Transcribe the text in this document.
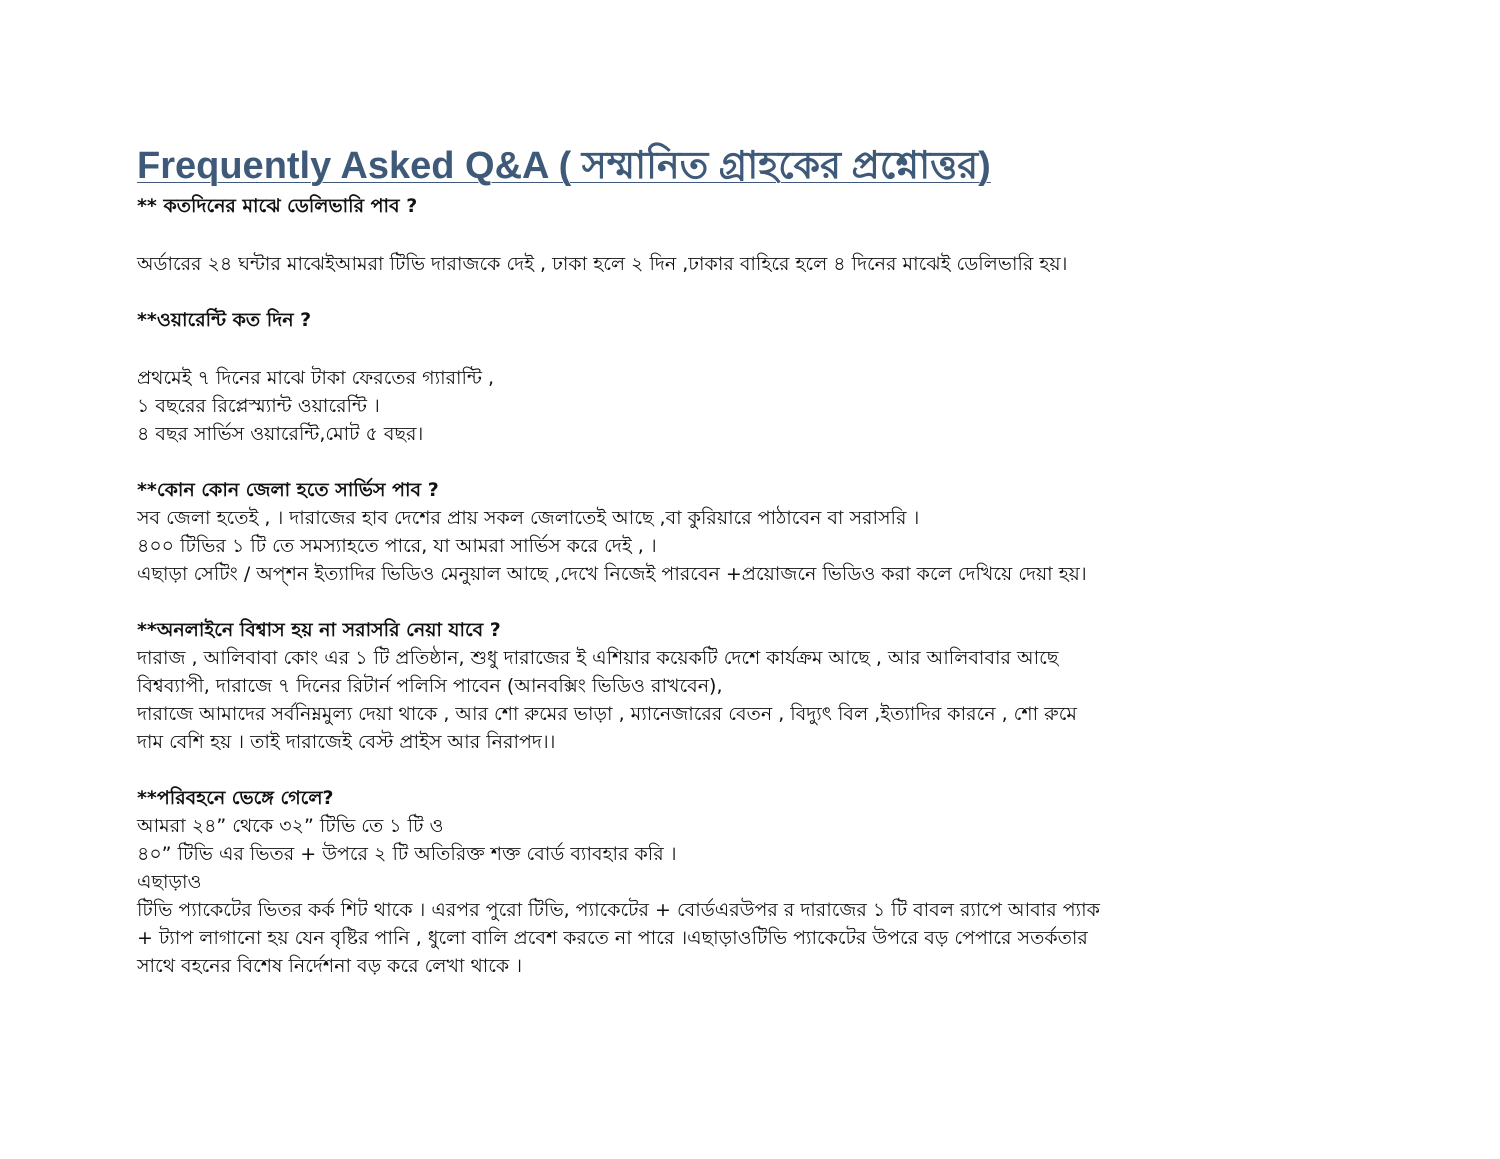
Frequently Asked Q&A ( সম্মানিত গ্রাহকের প্রশ্নোত্তর)

** কতদিনের মাঝে ডেলিভারি পাব ?

অর্ডারের ২৪ ঘন্টার মাঝেইআমরা টিভি দারাজকে দেই , ঢাকা হলে ২ দিন ,ঢাকার বাহিরে হলে ৪ দিনের মাঝেই ডেলিভারি হয়।

**ওয়ারেন্টি কত দিন ?

প্রথমেই ৭ দিনের মাঝে টাকা ফেরতের গ্যারান্টি ,

১ বছরের রিপ্লেস্ম্যান্ট ওয়ারেন্টি ।

৪ বছর সার্ভিস ওয়ারেন্টি,মোট ৫ বছর।

**কোন কোন জেলা হতে সার্ভিস পাব ?

সব জেলা হতেই , । দারাজের হাব দেশের প্রায় সকল জেলাতেই আছে ,বা কুরিয়ারে পাঠাবেন বা সরাসরি ।

৪০০ টিভির ১ টি তে সমস্যাহতে পারে, যা আমরা সার্ভিস করে দেই , ।

এছাড়া সেটিং / অপ্শন ইত্যাদির ভিডিও মেনুয়াল আছে ,দেখে নিজেই পারবেন +প্রয়োজনে ভিডিও করা কলে দেখিয়ে দেয়া হয়।

**অনলাইনে বিশ্বাস হয় না সরাসরি নেয়া যাবে ?

দারাজ , আলিবাবা কোং এর ১ টি প্রতিষ্ঠান, শুধু দারাজের ই এশিয়ার কয়েকটি দেশে কার্যক্রম আছে , আর আলিবাবার আছে

বিশ্বব্যাপী, দারাজে ৭ দিনের রিটার্ন পলিসি পাবেন (আনবক্সিং ভিডিও রাখবেন),

দারাজে আমাদের সর্বনিম্নমুল্য দেয়া থাকে , আর শো রুমের ভাড়া , ম্যানেজারের বেতন , বিদ্যুৎ বিল ,ইত্যাদির কারনে , শো রুমে

দাম বেশি হয় । তাই দারাজেই বেস্ট প্রাইস আর নিরাপদ।।

**পরিবহনে ভেঙ্গে গেলে?

আমরা ২৪” থেকে ৩২” টিভি তে ১ টি ও

৪০” টিভি এর ভিতর + উপরে ২ টি অতিরিক্ত শক্ত বোর্ড ব্যাবহার করি ।

এছাড়াও

টিভি প্যাকেটের ভিতর কর্ক শিট থাকে । এরপর পুরো টিভি, প্যাকেটের + বোর্ডএরউপর র দারাজের ১ টি বাবল র‍্যাপে আবার প্যাক

+ ট্যাপ লাগানো হয় যেন বৃষ্টির পানি , ধুলো বালি প্রবেশ করতে না পারে ।এছাড়াওটিভি প্যাকেটের উপরে বড় পেপারে সতর্কতার

সাথে বহনের বিশেষ নির্দেশনা বড় করে লেখা থাকে ।
